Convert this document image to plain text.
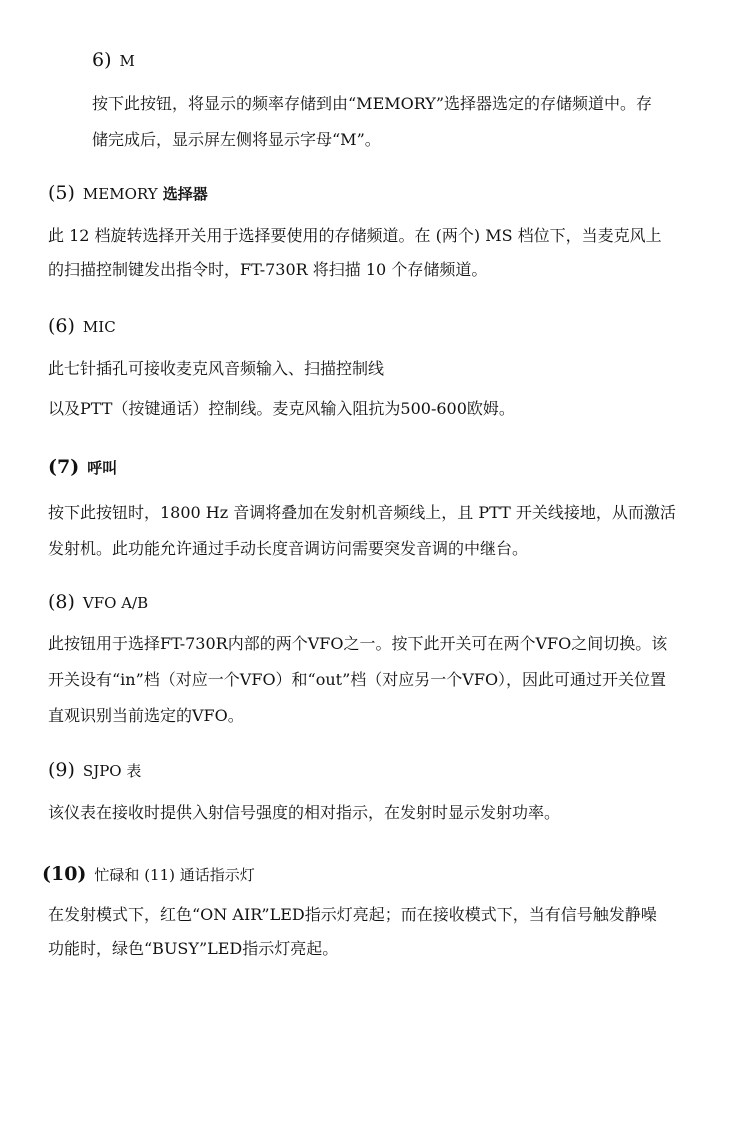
6) M
按下此按钮，将显示的频率存储到由“MEMORY”选择器选定的存储频道中。存
储完成后，显示屏左侧将显示字母“M”。
(5) MEMORY 选择器
此 12 档旋转选择开关用于选择要使用的存储频道。在 (两个) MS 档位下，当麦克风上
的扫描控制键发出指令时，FT-730R 将扫描 10 个存储频道。
(6) MIC
此七针插孔可接收麦克风音频输入、扫描控制线
以及PTT（按键通话）控制线。麦克风输入阻抗为500-600欧姆。
(7) 呼叫
按下此按钮时，1800 Hz 音调将叠加在发射机音频线上，且 PTT 开关线接地，从而激活
发射机。此功能允许通过手动长度音调访问需要突发音调的中继台。
(8) VFO A/B
此按钮用于选择FT-730R内部的两个VFO之一。按下此开关可在两个VFO之间切换。该
开关设有“in”档（对应一个VFO）和“out”档（对应另一个VFO），因此可通过开关位置
直观识别当前选定的VFO。
(9) SJPO 表
该仪表在接收时提供入射信号强度的相对指示，在发射时显示发射功率。
(10) 忙碌和 (11) 通话指示灯
在发射模式下，红色“ON AIR”LED指示灯亮起；而在接收模式下，当有信号触发静噪
功能时，绿色“BUSY”LED指示灯亮起。
